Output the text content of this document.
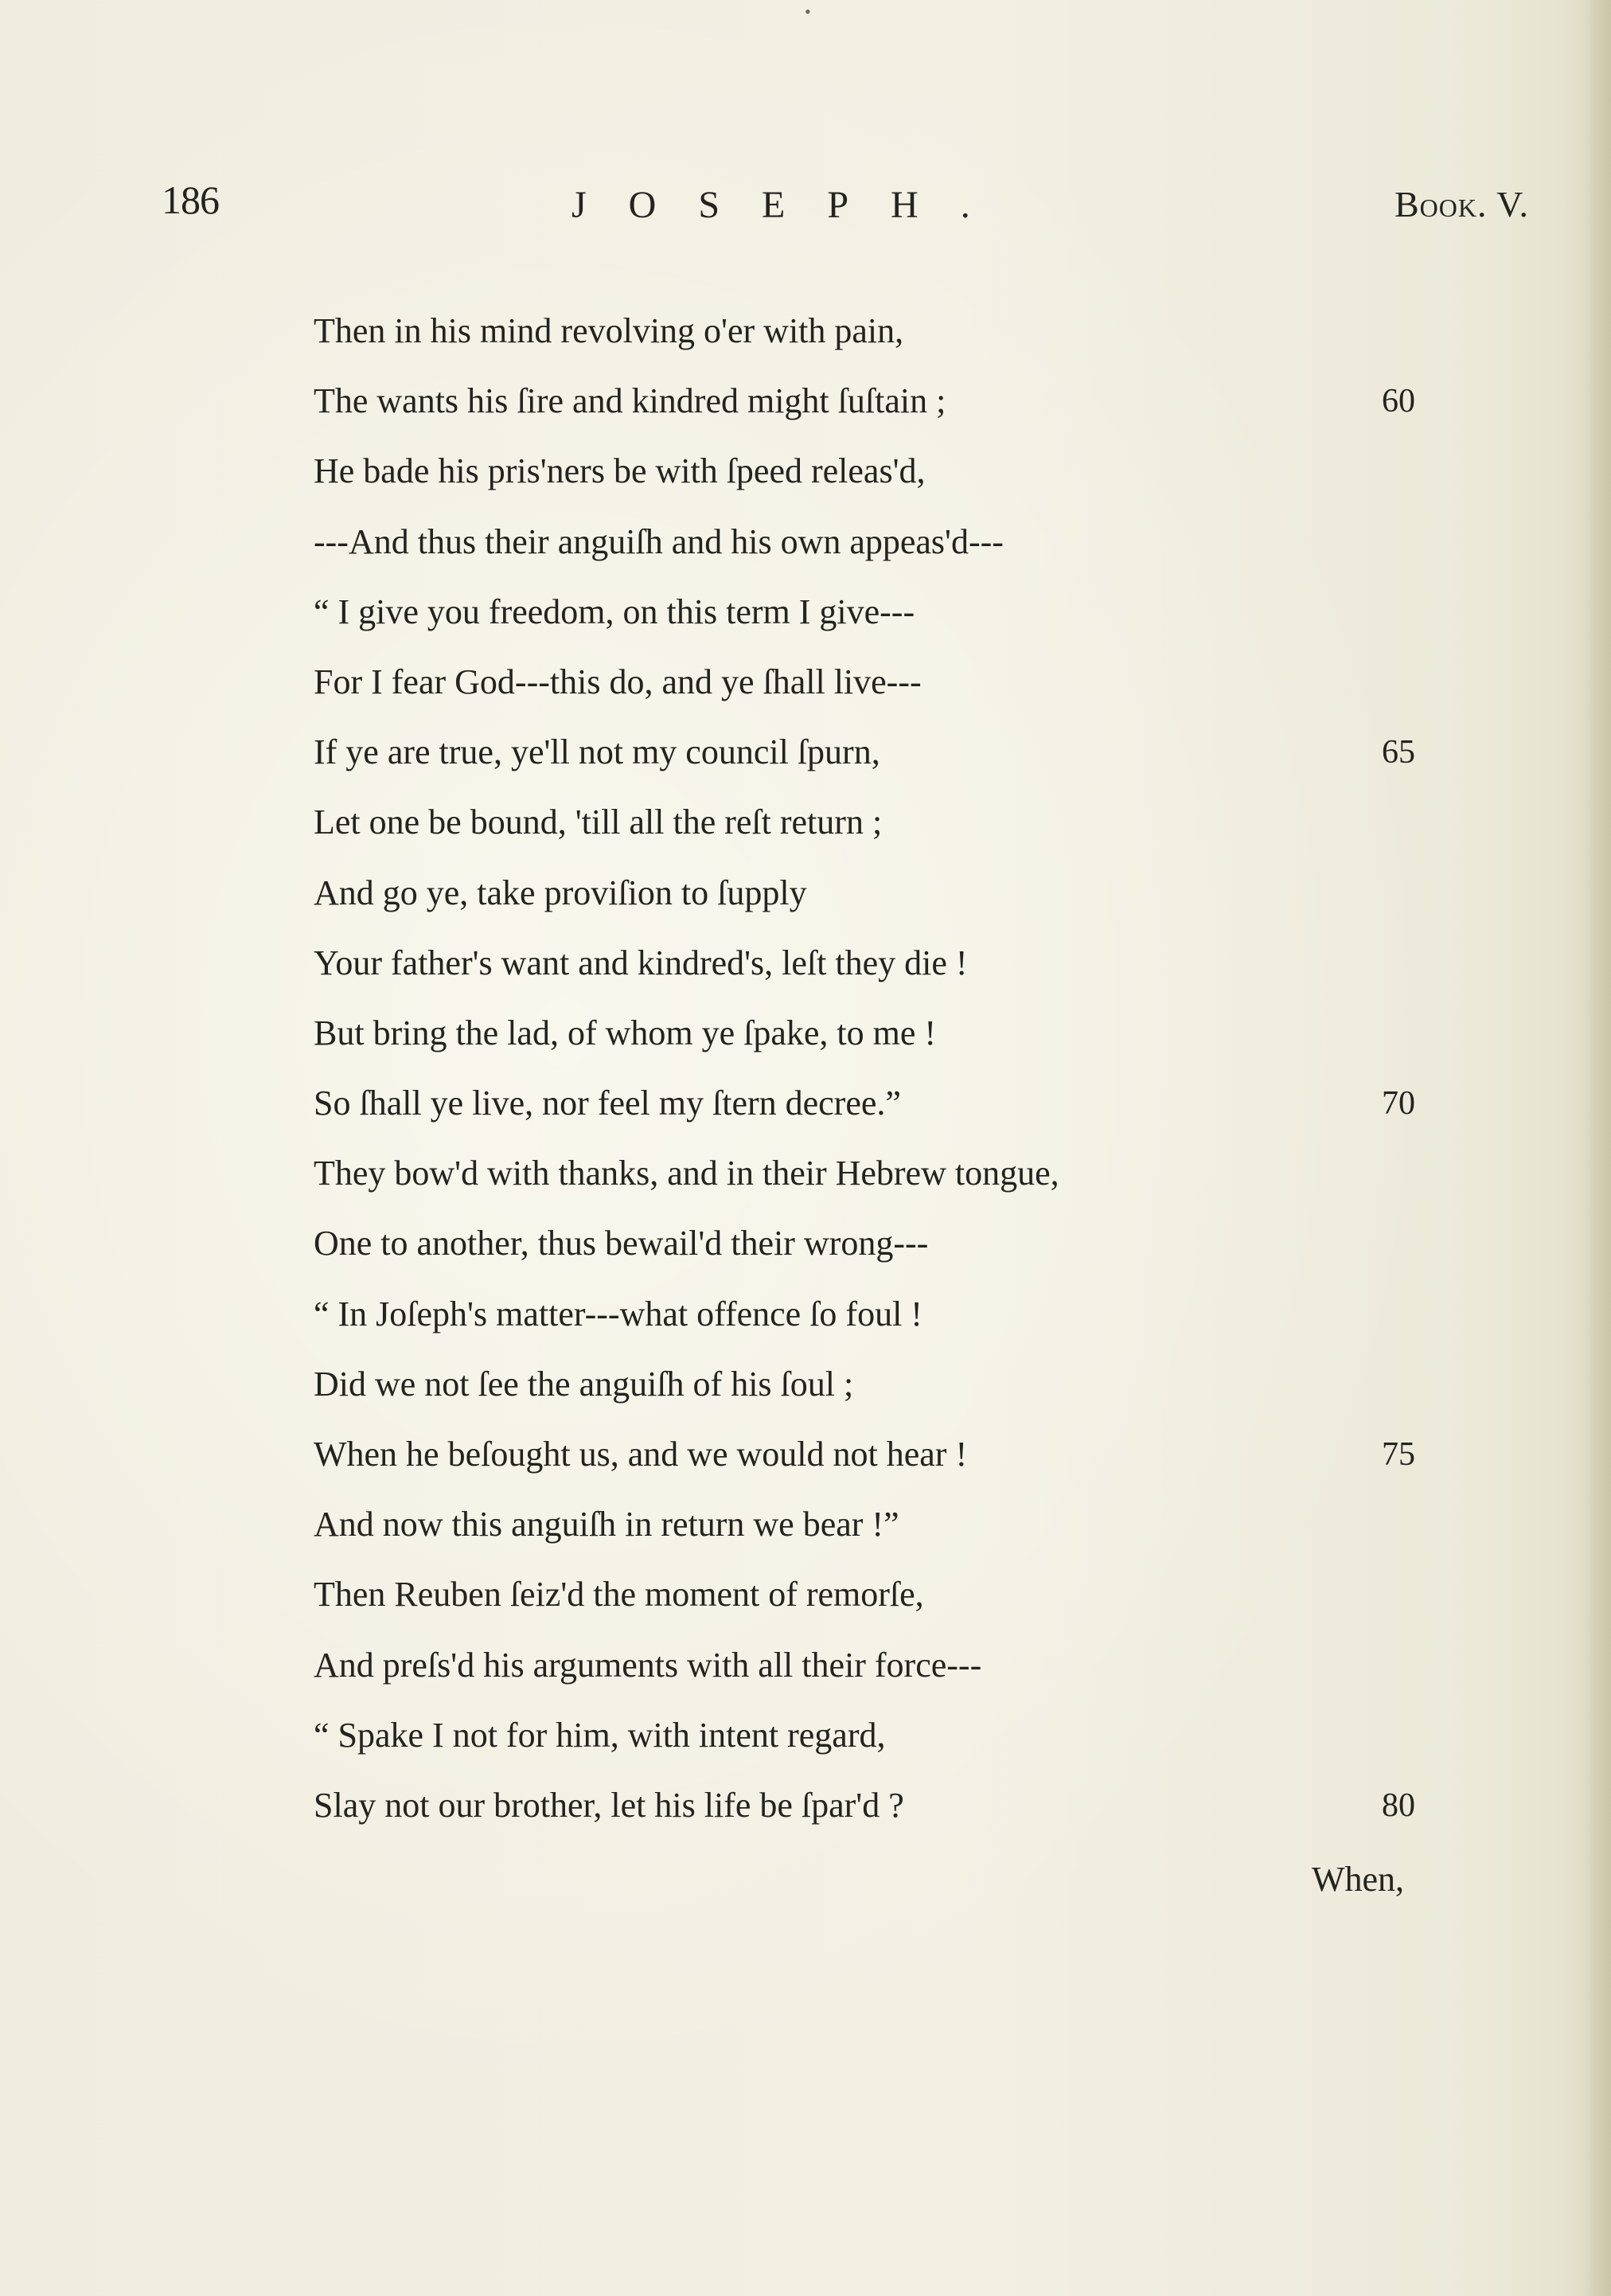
•
186	JOSEPH.	Book. V.
Then in his mind revolving o'er with pain,
The wants his ſire and kindred might ſuſtain ;	60
He bade his pris'ners be with ſpeed releas'd,
---And thus their anguiſh and his own appeas'd---
“ I give you freedom, on this term I give---
For I fear God---this do, and ye ſhall live---
If ye are true, ye'll not my council ſpurn,	65
Let one be bound, 'till all the reſt return ;
And go ye, take proviſion to ſupply
Your father's want and kindred's, leſt they die !
But bring the lad, of whom ye ſpake, to me !
So ſhall ye live, nor feel my ſtern decree.”	70
They bow'd with thanks, and in their Hebrew tongue,
One to another, thus bewail'd their wrong---
“ In Joſeph's matter---what offence ſo foul !
Did we not ſee the anguiſh of his ſoul ;
When he beſought us, and we would not hear !	75
And now this anguiſh in return we bear !”
Then Reuben ſeiz'd the moment of remorſe,
And preſs'd his arguments with all their force---
“ Spake I not for him, with intent regard,
Slay not our brother, let his life be ſpar'd ?	80
When,
